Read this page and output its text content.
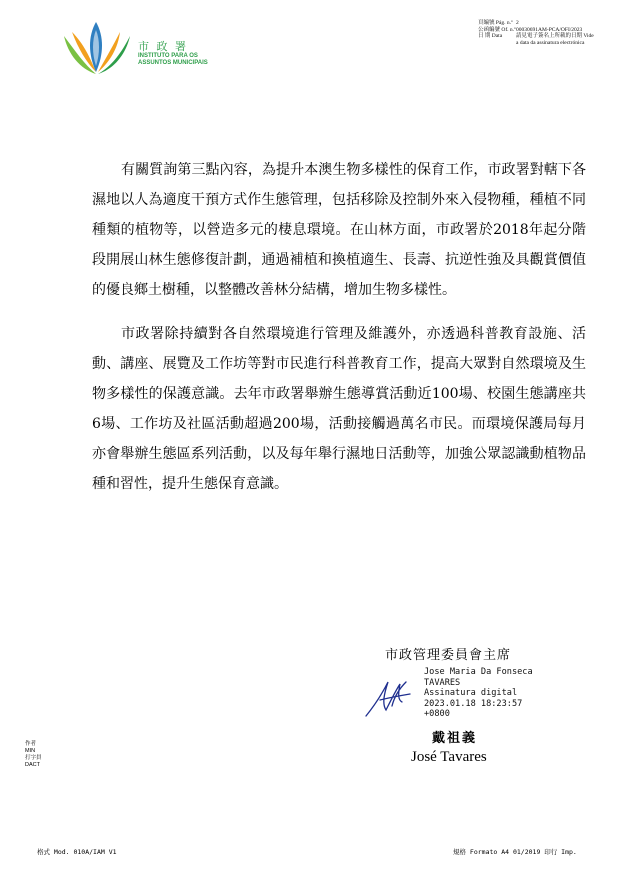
市 政 署
INSTITUTO PARA OS
ASSUNTOS MUNICIPAIS
頁編號 Pág. n.º 2
公函編號 Of. n.º 00030691AM-PCA/OFI/2023
日 期 Data	請見電子簽名上所載的日期 Vide a data da assinatura electrónica

有關質詢第三點內容，為提升本澳生物多樣性的保育工作，市政署對轄下各濕地以人為適度干預方式作生態管理，包括移除及控制外來入侵物種，種植不同種類的植物等，以營造多元的棲息環境。在山林方面，市政署於2018年起分階段開展山林生態修復計劃，通過補植和換植適生、長壽、抗逆性強及具觀賞價值的優良鄉土樹種，以整體改善林分結構，增加生物多樣性。

市政署除持續對各自然環境進行管理及維護外，亦透過科普教育設施、活動、講座、展覽及工作坊等對市民進行科普教育工作，提高大眾對自然環境及生物多樣性的保護意識。去年市政署舉辦生態導賞活動近100場、校園生態講座共6場、工作坊及社區活動超過200場，活動接觸過萬名市民。而環境保護局每月亦會舉辦生態區系列活動，以及每年舉行濕地日活動等，加強公眾認識動植物品種和習性，提升生態保育意識。

市政管理委員會主席
Jose Maria Da Fonseca
TAVARES
Assinatura digital
2023.01.18 18:23:57
+0800
戴祖義
José Tavares
作者
MIN
打字員
DACT
格式 Mod. 010A/IAM V1	規格 Formato A4 01/2019 印行 Imp.
